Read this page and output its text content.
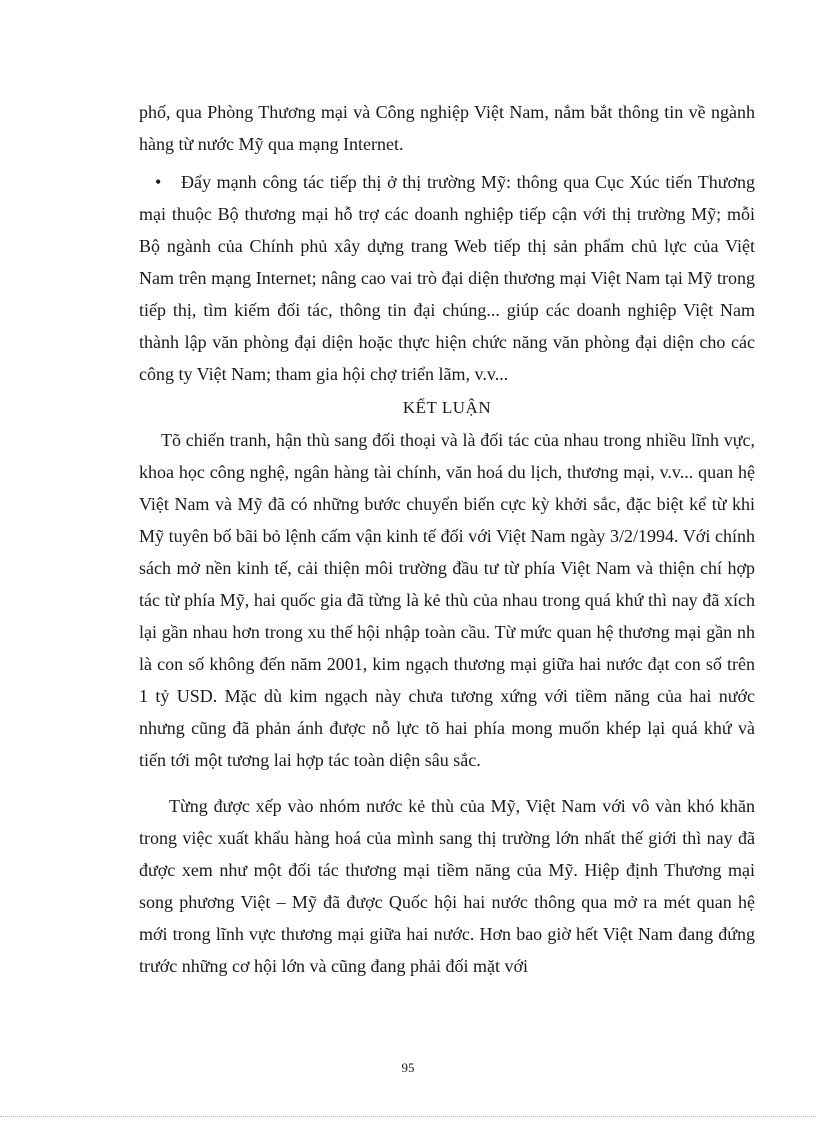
phố, qua Phòng Thương mại và Công nghiệp Việt Nam, nắm bắt thông tin về ngành hàng từ nước Mỹ qua mạng Internet.

• Đẩy mạnh công tác tiếp thị ở thị trường Mỹ: thông qua Cục Xúc tiến Thương mại thuộc Bộ thương mại hỗ trợ các doanh nghiệp tiếp cận với thị trường Mỹ; mỗi Bộ ngành của Chính phủ xây dựng trang Web tiếp thị sản phẩm chủ lực của Việt Nam trên mạng Internet; nâng cao vai trò đại diện thương mại Việt Nam tại Mỹ trong tiếp thị, tìm kiếm đối tác, thông tin đại chúng... giúp các doanh nghiệp Việt Nam thành lập văn phòng đại diện hoặc thực hiện chức năng văn phòng đại diện cho các công ty Việt Nam; tham gia hội chợ triển lãm, v.v...

KẾT LUẬN

Tõ chiến tranh, hận thù sang đối thoại và là đối tác của nhau trong nhiều lĩnh vực, khoa học công nghệ, ngân hàng tài chính, văn hoá du lịch, thương mại, v.v... quan hệ Việt Nam và Mỹ đã có những bước chuyển biến cực kỳ khởi sắc, đặc biệt kể từ khi Mỹ tuyên bố bãi bỏ lệnh cấm vận kinh tế đối với Việt Nam ngày 3/2/1994. Với chính sách mở nền kinh tế, cải thiện môi trường đầu tư từ phía Việt Nam và thiện chí hợp tác từ phía Mỹ, hai quốc gia đã từng là kẻ thù của nhau trong quá khứ thì nay đã xích lại gần nhau hơn trong xu thế hội nhập toàn cầu. Từ mức quan hệ thương mại gần nh là con số không đến năm 2001, kim ngạch thương mại giữa hai nước đạt con số trên 1 tỷ USD. Mặc dù kim ngạch này chưa tương xứng với tiềm năng của hai nước nhưng cũng đã phản ánh được nỗ lực tõ hai phía mong muốn khép lại quá khứ và tiến tới một tương lai hợp tác toàn diện sâu sắc.

Từng được xếp vào nhóm nước kẻ thù của Mỹ, Việt Nam với vô vàn khó khăn trong việc xuất khẩu hàng hoá của mình sang thị trường lớn nhất thế giới thì nay đã được xem như một đối tác thương mại tiềm năng của Mỹ. Hiệp định Thương mại song phương Việt – Mỹ đã được Quốc hội hai nước thông qua mở ra mét quan hệ mới trong lĩnh vực thương mại giữa hai nước. Hơn bao giờ hết Việt Nam đang đứng trước những cơ hội lớn và cũng đang phải đối mặt với

95
